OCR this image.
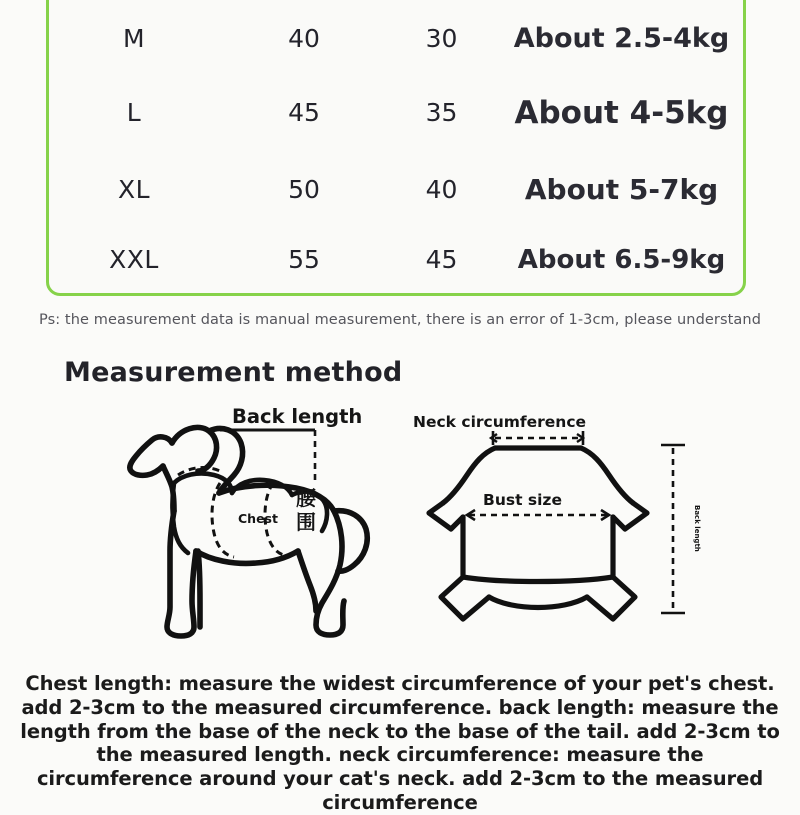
M	40	30	About 2.5-4kg
L	45	35	About 4-5kg
XL	50	40	About 5-7kg
XXL	55	45	About 6.5-9kg
Ps: the measurement data is manual measurement, there is an error of 1-3cm, please understand
Measurement method
Back length
Chest
腰
围
Neck circumference
Bust size
Back length
Chest length: measure the widest circumference of your pet's chest. add 2-3cm to the measured circumference. back length: measure the length from the base of the neck to the base of the tail. add 2-3cm to the measured length. neck circumference: measure the circumference around your cat's neck. add 2-3cm to the measured circumference
